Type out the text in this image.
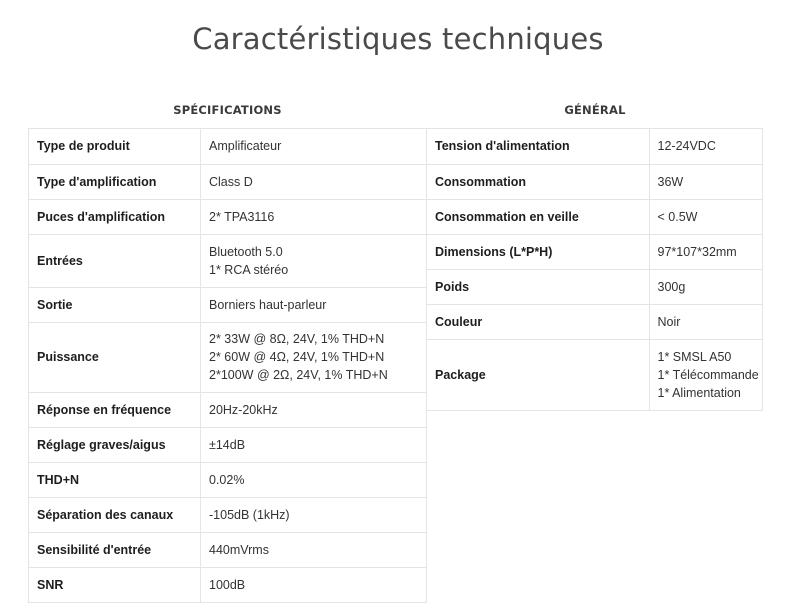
Caractéristiques techniques
SPÉCIFICATIONS
Type de produit	Amplificateur

Type d'amplification	Class D

Puces d'amplification	2* TPA3116

Entrées	Bluetooth 5.0
1* RCA stéréo

Sortie	Borniers haut-parleur

Puissance	2* 33W @ 8Ω, 24V, 1% THD+N
2* 60W @ 4Ω, 24V, 1% THD+N
2*100W @ 2Ω, 24V, 1% THD+N

Réponse en fréquence	20Hz-20kHz

Réglage graves/aigus	±14dB

THD+N	0.02%

Séparation des canaux	-105dB (1kHz)

Sensibilité d'entrée	440mVrms

SNR	100dB
GÉNÉRAL
Tension d'alimentation	12-24VDC

Consommation	36W

Consommation en veille	< 0.5W

Dimensions (L*P*H)	97*107*32mm

Poids	300g

Couleur	Noir

Package	1* SMSL A50
1* Télécommande
1* Alimentation
